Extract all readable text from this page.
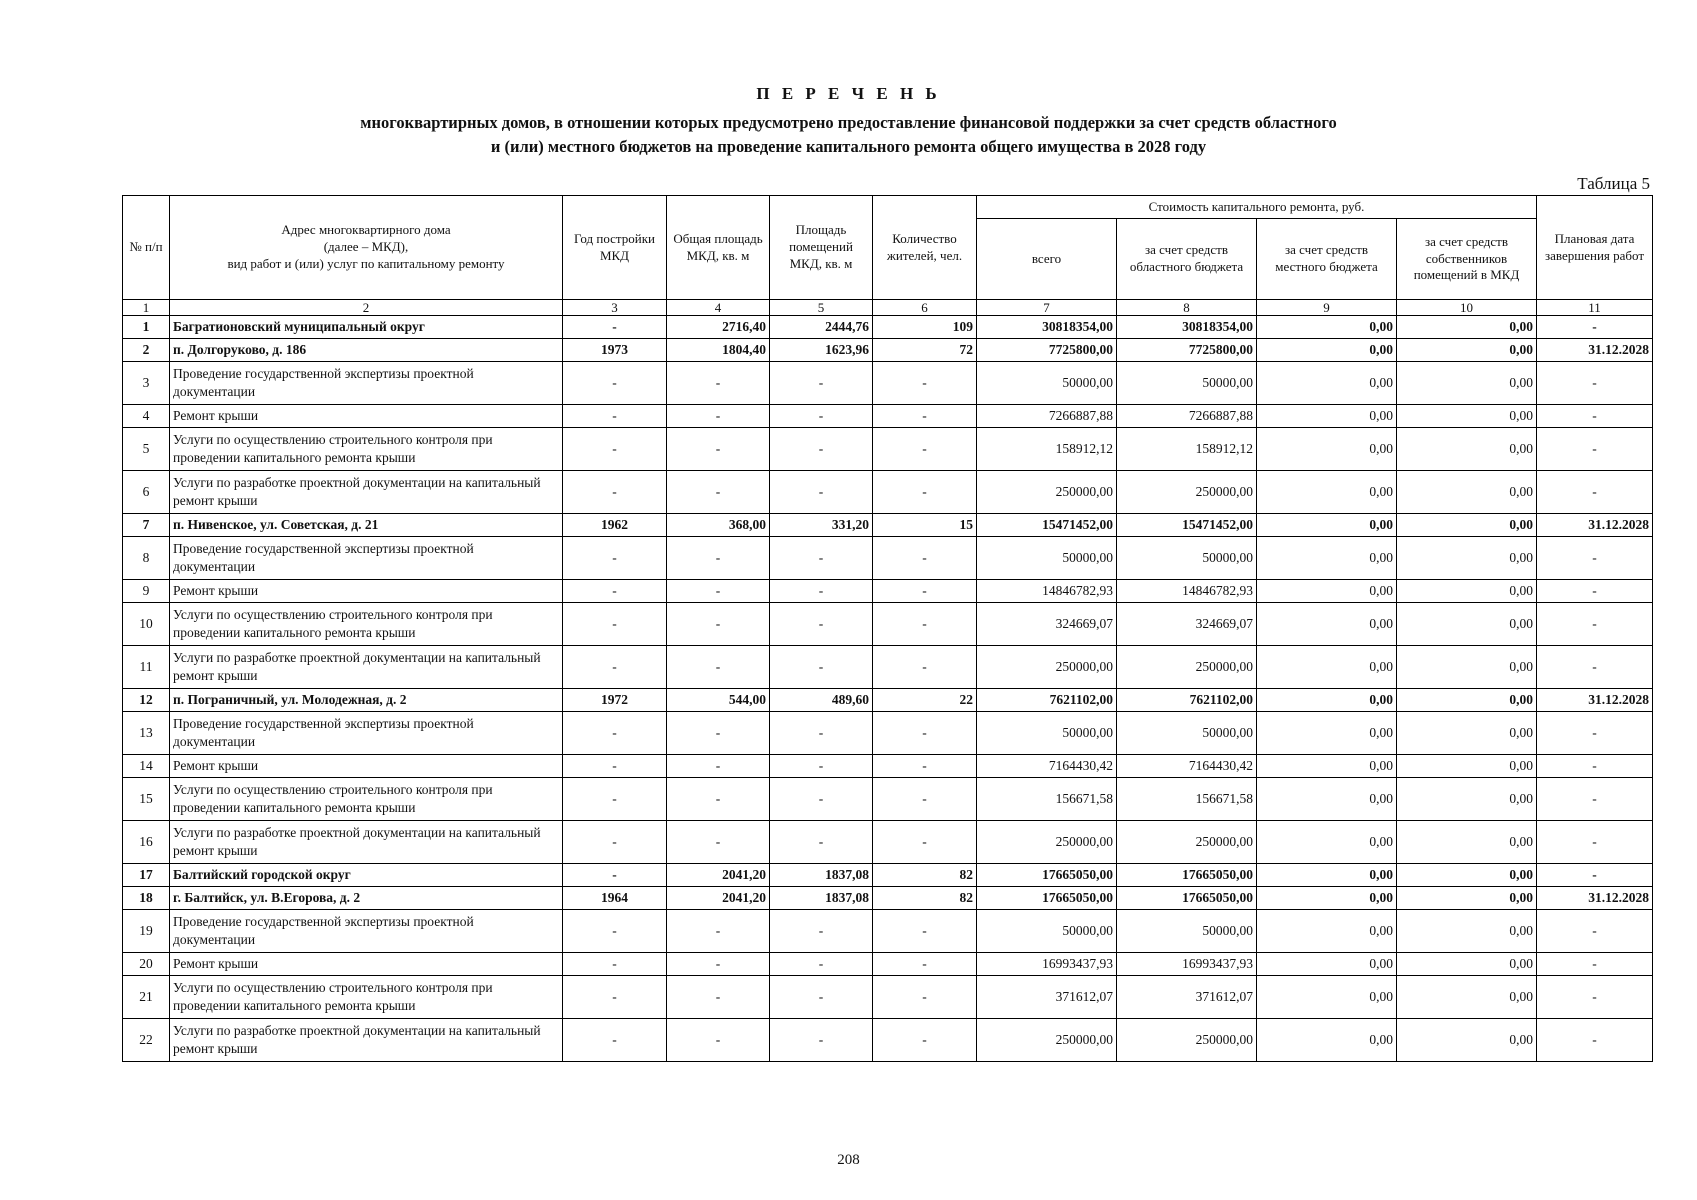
П Е Р Е Ч Е Н Ь
многоквартирных домов, в отношении которых предусмотрено предоставление финансовой поддержки за счет средств областного
и (или) местного бюджетов на проведение капитального ремонта общего имущества в 2028 году
Таблица 5
№ п/п	Адрес многоквартирного дома
(далее – МКД),
вид работ и (или) услуг по капитальному ремонту	Год постройки МКД	Общая площадь МКД, кв. м	Площадь помещений МКД, кв. м	Количество жителей, чел.	Стоимость капитального ремонта, руб.				Плановая дата завершения работ
						всего	за счет средств областного бюджета	за счет средств местного бюджета	за счет средств собственников помещений в МКД	
1	2	3	4	5	6	7	8	9	10	11
1	Багратионовский муниципальный округ	-	2716,40	2444,76	109	30818354,00	30818354,00	0,00	0,00	-
2	п. Долгоруково, д. 186	1973	1804,40	1623,96	72	7725800,00	7725800,00	0,00	0,00	31.12.2028
3	Проведение государственной экспертизы проектной документации	-	-	-	-	50000,00	50000,00	0,00	0,00	-
4	Ремонт крыши	-	-	-	-	7266887,88	7266887,88	0,00	0,00	-
5	Услуги по осуществлению строительного контроля при проведении капитального ремонта крыши	-	-	-	-	158912,12	158912,12	0,00	0,00	-
6	Услуги по разработке проектной документации на капитальный ремонт крыши	-	-	-	-	250000,00	250000,00	0,00	0,00	-
7	п. Нивенское, ул. Советская, д. 21	1962	368,00	331,20	15	15471452,00	15471452,00	0,00	0,00	31.12.2028
8	Проведение государственной экспертизы проектной документации	-	-	-	-	50000,00	50000,00	0,00	0,00	-
9	Ремонт крыши	-	-	-	-	14846782,93	14846782,93	0,00	0,00	-
10	Услуги по осуществлению строительного контроля при проведении капитального ремонта крыши	-	-	-	-	324669,07	324669,07	0,00	0,00	-
11	Услуги по разработке проектной документации на капитальный ремонт крыши	-	-	-	-	250000,00	250000,00	0,00	0,00	-
12	п. Пограничный, ул. Молодежная, д. 2	1972	544,00	489,60	22	7621102,00	7621102,00	0,00	0,00	31.12.2028
13	Проведение государственной экспертизы проектной документации	-	-	-	-	50000,00	50000,00	0,00	0,00	-
14	Ремонт крыши	-	-	-	-	7164430,42	7164430,42	0,00	0,00	-
15	Услуги по осуществлению строительного контроля при проведении капитального ремонта крыши	-	-	-	-	156671,58	156671,58	0,00	0,00	-
16	Услуги по разработке проектной документации на капитальный ремонт крыши	-	-	-	-	250000,00	250000,00	0,00	0,00	-
17	Балтийский городской округ	-	2041,20	1837,08	82	17665050,00	17665050,00	0,00	0,00	-
18	г. Балтийск, ул. В.Егорова, д. 2	1964	2041,20	1837,08	82	17665050,00	17665050,00	0,00	0,00	31.12.2028
19	Проведение государственной экспертизы проектной документации	-	-	-	-	50000,00	50000,00	0,00	0,00	-
20	Ремонт крыши	-	-	-	-	16993437,93	16993437,93	0,00	0,00	-
21	Услуги по осуществлению строительного контроля при проведении капитального ремонта крыши	-	-	-	-	371612,07	371612,07	0,00	0,00	-
22	Услуги по разработке проектной документации на капитальный ремонт крыши	-	-	-	-	250000,00	250000,00	0,00	0,00	-
208
